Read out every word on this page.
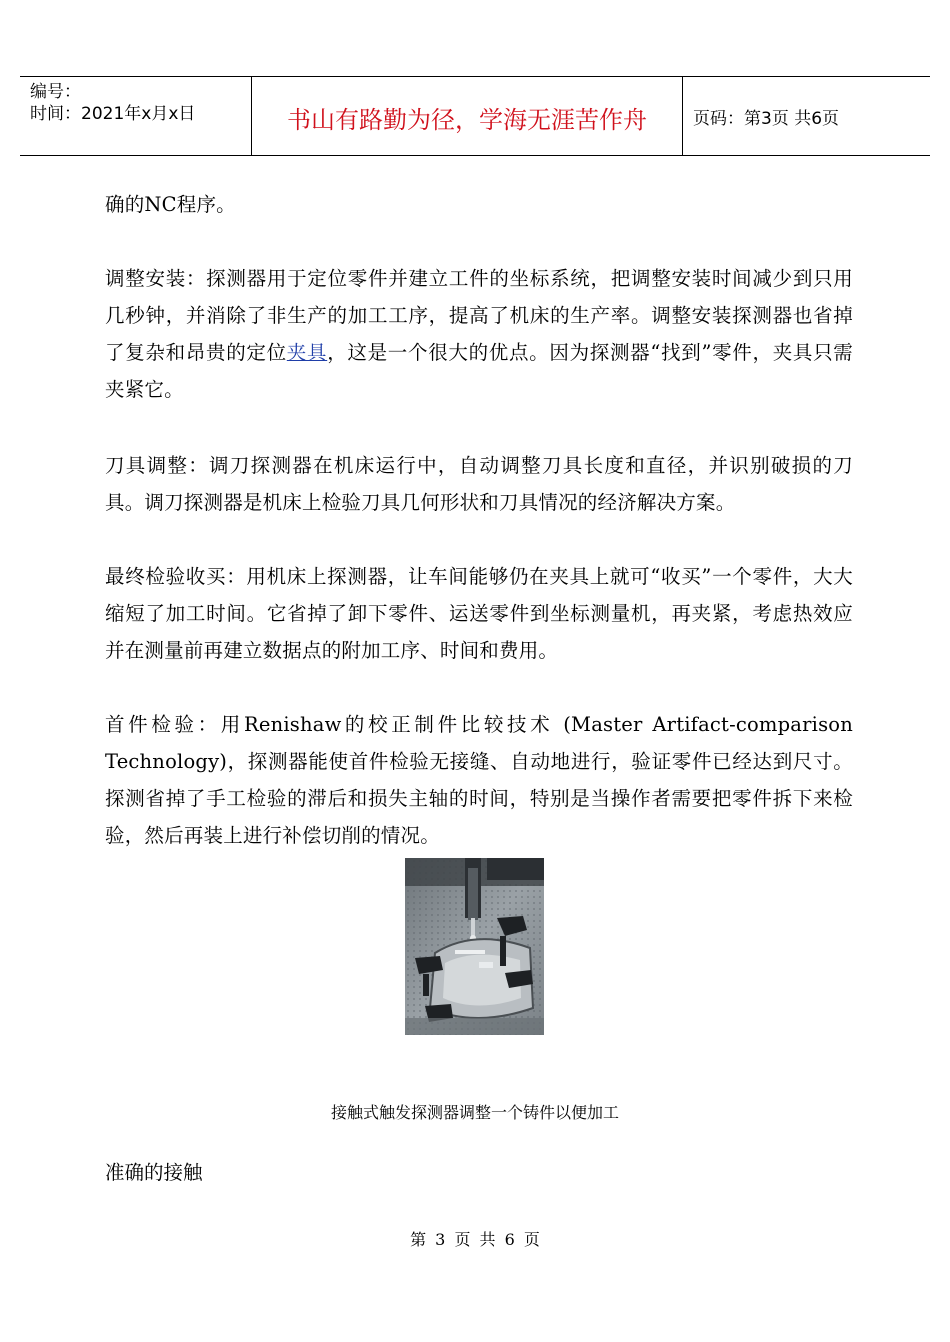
编号：
时间：2021年x月x日	书山有路勤为径，学海无涯苦作舟	页码：第3页 共6页

确的NC程序。

调整安装：探测器用于定位零件并建立工件的坐标系统，把调整安装时间减少到只用几秒钟，并消除了非生产的加工工序，提高了机床的生产率。调整安装探测器也省掉了复杂和昂贵的定位夹具，这是一个很大的优点。因为探测器“找到”零件，夹具只需夹紧它。

刀具调整：调刀探测器在机床运行中，自动调整刀具长度和直径，并识别破损的刀具。调刀探测器是机床上检验刀具几何形状和刀具情况的经济解决方案。

最终检验收买：用机床上探测器，让车间能够仍在夹具上就可“收买”一个零件，大大缩短了加工时间。它省掉了卸下零件、运送零件到坐标测量机，再夹紧，考虑热效应并在测量前再建立数据点的附加工序、时间和费用。

首件检验：用Renishaw的校正制件比较技术 (Master Artifact-comparison Technology)，探测器能使首件检验无接缝、自动地进行，验证零件已经达到尺寸。探测省掉了手工检验的滞后和损失主轴的时间，特别是当操作者需要把零件拆下来检验，然后再装上进行补偿切削的情况。

接触式触发探测器调整一个铸件以便加工
准确的接触
第 3 页 共 6 页
